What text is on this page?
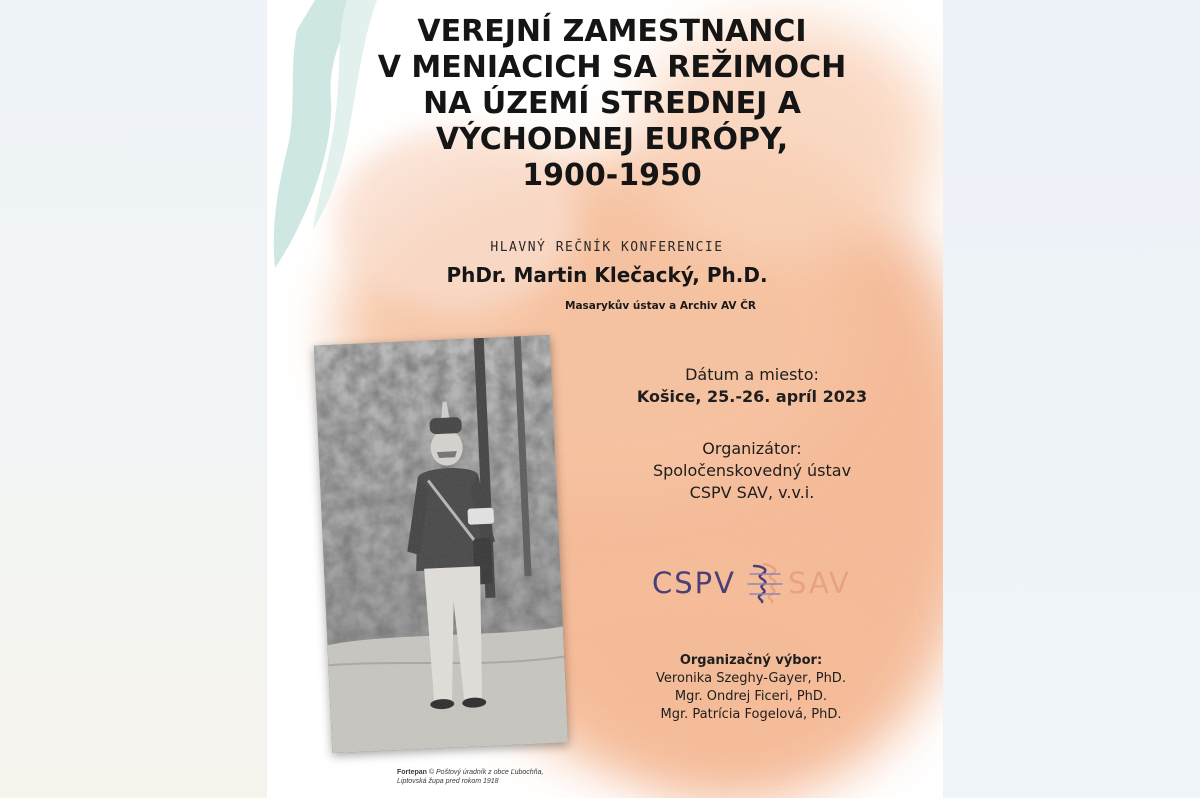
VEREJNÍ ZAMESTNANCI
V MENIACICH SA REŽIMOCH
NA ÚZEMÍ STREDNEJ A
VÝCHODNEJ EURÓPY,
1900-1950
HLAVNÝ REČNÍK KONFERENCIE
PhDr. Martin Klečacký, Ph.D.
Masarykův ústav a Archiv AV ČR
Fortepan © Poštový úradník z obce Ľubochňa,
Liptovská župa pred rokom 1918
Dátum a miesto:
Košice, 25.-26. apríl 2023
Organizátor:
Spoločenskovedný ústav
CSPV SAV, v.v.i.
CSPV SAV
Organizačný výbor:
Veronika Szeghy-Gayer, PhD.
Mgr. Ondrej Ficeri, PhD.
Mgr. Patrícia Fogelová, PhD.
